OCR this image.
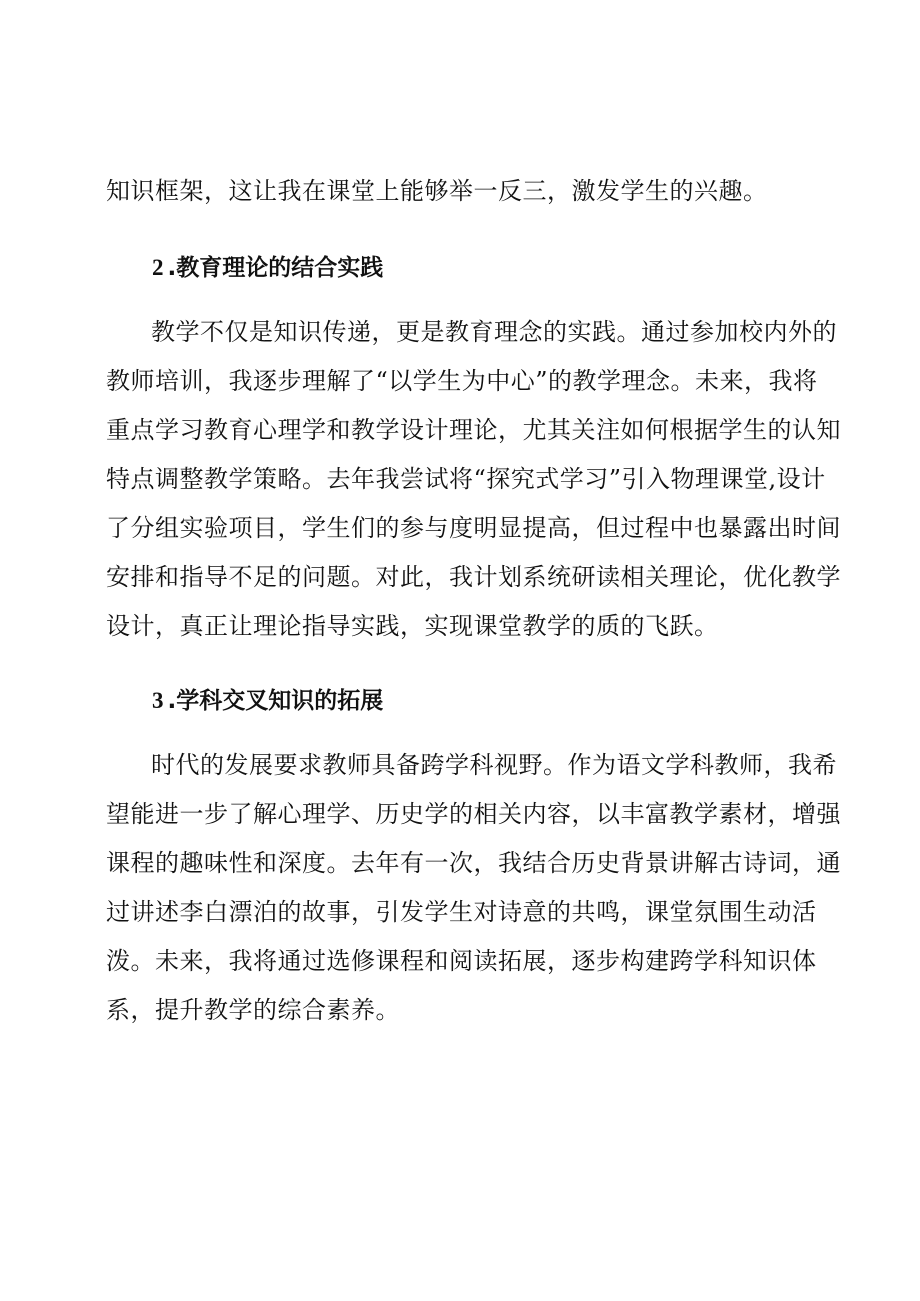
知识框架，这让我在课堂上能够举一反三，激发学生的兴趣。
2 .教育理论的结合实践
教学不仅是知识传递，更是教育理念的实践。通过参加校内外的
教师培训，我逐步理解了“以学生为中心”的教学理念。未来，我将
重点学习教育心理学和教学设计理论，尤其关注如何根据学生的认知
特点调整教学策略。去年我尝试将“探究式学习”引入物理课堂,设计
了分组实验项目，学生们的参与度明显提高，但过程中也暴露出时间
安排和指导不足的问题。对此，我计划系统研读相关理论，优化教学
设计，真正让理论指导实践，实现课堂教学的质的飞跃。
3 .学科交叉知识的拓展
时代的发展要求教师具备跨学科视野。作为语文学科教师，我希
望能进一步了解心理学、历史学的相关内容，以丰富教学素材，增强
课程的趣味性和深度。去年有一次，我结合历史背景讲解古诗词，通
过讲述李白漂泊的故事，引发学生对诗意的共鸣，课堂氛围生动活
泼。未来，我将通过选修课程和阅读拓展，逐步构建跨学科知识体
系，提升教学的综合素养。
